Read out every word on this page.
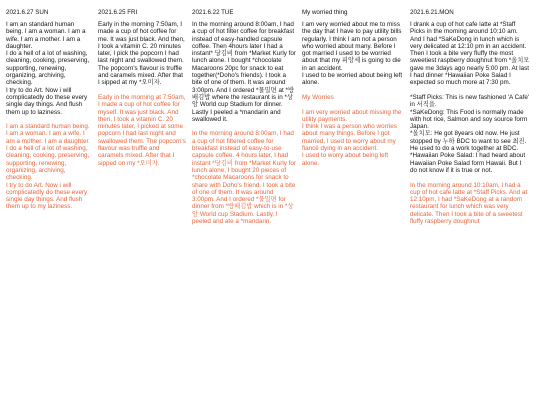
2021.6.27 SUN

I am an standard human being. I am a woman. I am a wife. I am a mother. I am a daughter.
I do a hell of a lot of washing, cleaning, cooking, preserving, supporting, renewing, organizing, archiving, checking.
I try to do Art. Now i will complicatedly do these every single day things. And flush them up to laziness.

I am a standard human being. I am a woman. I am a wife. I am a mother. I am a daughter.
I do a hell of a lot of washing, cleaning, cooking, preserving, supporting, renewing, organizing, archiving, checking.
I try to do Art. Now i will complicatedly do these every single day things. And flush them up to my laziness.

2021.6.25 FRI

Early in the morning 7:50am, I made a cup of hot coffee for me. It was just black. And then, I took a vitamin C. 20 minutes later, I pick the popcorn I had last night and swallowed them. The popcorn's flavour is truffle and caramels mixed. After that I sipped at my *오미자.

Early in the morning at 7:50am, I made a cup of hot coffee for myself. It was just black. And then, I took a vitamin C. 20 minutes later, I picked at some popcorn I had last night and swallowed them. The popcorn's flavour was truffle and caramels mixed. After that I sipped on my *오미자.

2021.6.22 TUE

In the morning around 8:00am, I had a cup of hot filter coffee for breakfast instead of easy-handled capsule coffee. Then 4hours later I had a instant* 당김비 from *Market Kurly for lunch alone. I bought *chocolate Macaroons 20pc for snack to eat together(*Doho's friends). I took a bite of one of them. It was around 3:00pm. And I ordered *물밀면 at *방배김밥 where the restaurant is in *상암 World cup Stadium for dinner. Lastly I peeled a *mandarin and swallowed it.

In the morning around 8:00am, I had a cup of hot filtered coffee for breakfast instead of easy-to-use capsule coffee. 4 hours later, I had instant *당김비 from *Market Kurly for lunch alone, I bought 20 pieces of *chocolate Macaroons for snack to share with Doho's friend. I took a bite of one of them. It was around 3:00pm. And I ordered *물밀면 for dinner from *방배김밥 which is in *상암 World cup Stadium. Lastly, I peeled and ate a *mandarin.

My worried thing

I am very worried about me to miss the day that I have to pay utility bills regularly. I think I am not a person who worried about many. Before I got married I used to be worried about that my 피앙세 is going to die in an accident.
I used to be worried about being left alone.

My Worries

I am very worried about missing the utility payments.
I think I was a person who worries about many things. Before I got married, I used to worry about my fiancé dying in an accident.
I used to worry about being left alone.

2021.6.21.MON

I drank a cup of hot cafe latte at *Staff Picks in the morning around 10:10 am. And I had *SaKeDong in lunch which is very delicated at 12:10 pm in an accident. Then I took a bite very fluffy the most sweetiest raspberry doughnut from *올치모 gave me 3days ago nearly 5:00 pm. At last I had dinner *Hawaiian Poke Salad I expected so much more at 7:30 pm.

*Staff Picks: This is new fashioned 'A Cafe' in 서직을.
*SaKeDong: This Food is normally made with hot rice, Salmon and soy source form Japan.
*올치모: He got 8years old now. He just stopped by 누하 BDC to want to see 최진. He used to do a work together at BDC.
*Hawaiian Poke Salad: I had heard about Hawaiian Poke Salad form Hawaii. But I do not know if it is true or not.

In the morning around 10:10am, I had a cup of hot cafe latte at *Staff Picks. And at 12:10pm, I had *SaKeDong at a random restaurant for lunch which was very delicate. Then I took a bite of a sweetest fluffy raspberry doughnut
